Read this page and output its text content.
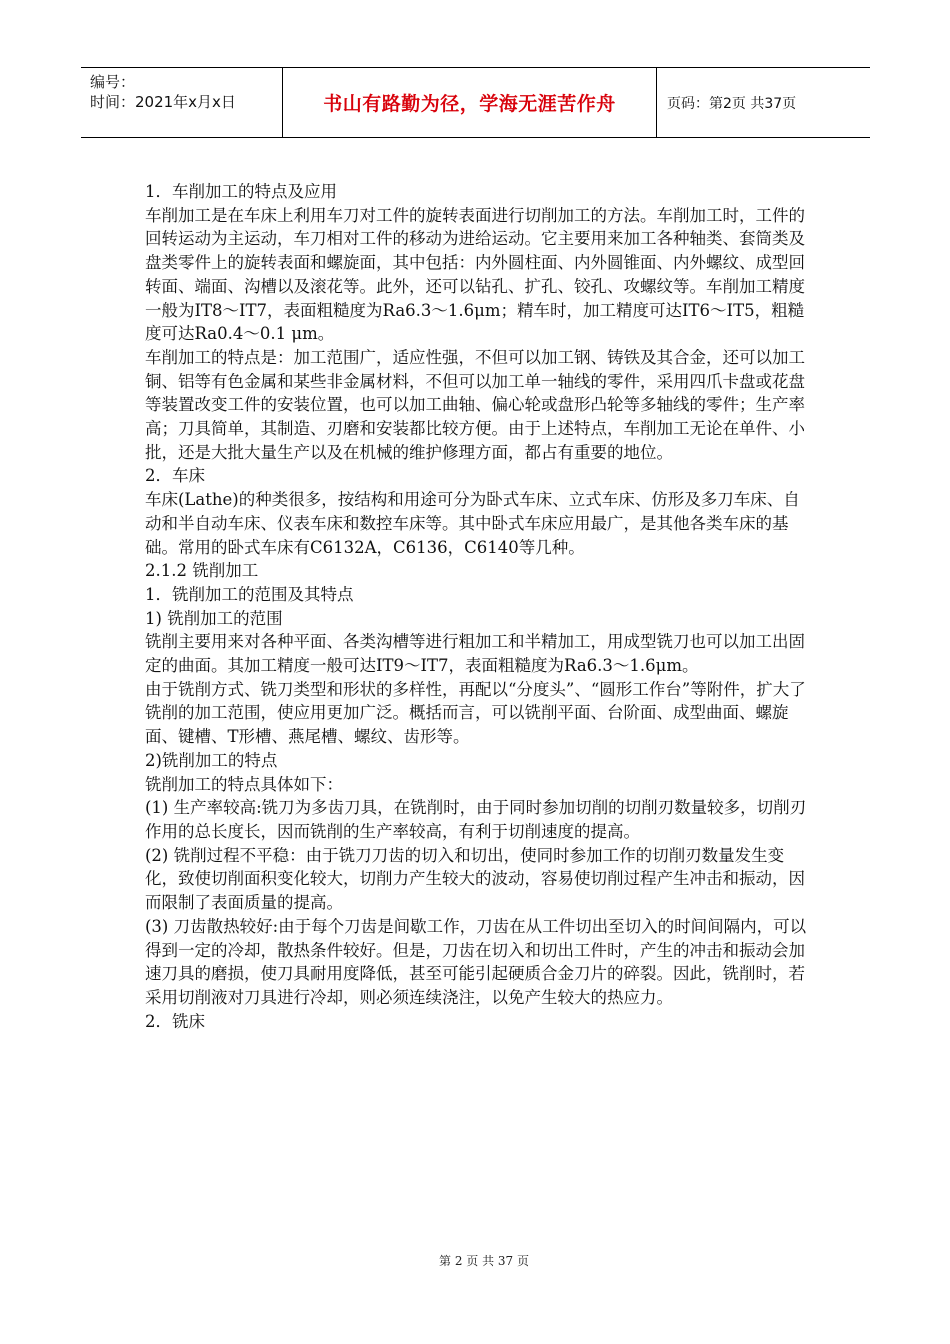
编号：
时间：2021年x月x日	书山有路勤为径，学海无涯苦作舟	页码：第2页 共37页

1．车削加工的特点及应用

车削加工是在车床上利用车刀对工件的旋转表面进行切削加工的方法。车削加工时，工件的回转运动为主运动，车刀相对工件的移动为进给运动。它主要用来加工各种轴类、套筒类及盘类零件上的旋转表面和螺旋面，其中包括：内外圆柱面、内外圆锥面、内外螺纹、成型回转面、端面、沟槽以及滚花等。此外，还可以钻孔、扩孔、铰孔、攻螺纹等。车削加工精度一般为IT8～IT7，表面粗糙度为Ra6.3～1.6μm；精车时，加工精度可达IT6～IT5，粗糙度可达Ra0.4～0.1 μm。

车削加工的特点是：加工范围广，适应性强，不但可以加工钢、铸铁及其合金，还可以加工铜、铝等有色金属和某些非金属材料，不但可以加工单一轴线的零件，采用四爪卡盘或花盘等装置改变工件的安装位置，也可以加工曲轴、偏心轮或盘形凸轮等多轴线的零件；生产率高；刀具简单，其制造、刃磨和安装都比较方便。由于上述特点，车削加工无论在单件、小批，还是大批大量生产以及在机械的维护修理方面，都占有重要的地位。

2．车床

车床(Lathe)的种类很多，按结构和用途可分为卧式车床、立式车床、仿形及多刀车床、自动和半自动车床、仪表车床和数控车床等。其中卧式车床应用最广，是其他各类车床的基础。常用的卧式车床有C6132A，C6136，C6140等几种。

2.1.2 铣削加工

1．铣削加工的范围及其特点

1) 铣削加工的范围

铣削主要用来对各种平面、各类沟槽等进行粗加工和半精加工，用成型铣刀也可以加工出固定的曲面。其加工精度一般可达IT9～IT7，表面粗糙度为Ra6.3～1.6μm。

由于铣削方式、铣刀类型和形状的多样性，再配以“分度头”、“圆形工作台”等附件，扩大了铣削的加工范围，使应用更加广泛。概括而言，可以铣削平面、台阶面、成型曲面、螺旋面、键槽、T形槽、燕尾槽、螺纹、齿形等。

2)铣削加工的特点

铣削加工的特点具体如下：

(1) 生产率较高:铣刀为多齿刀具，在铣削时，由于同时参加切削的切削刃数量较多，切削刃作用的总长度长，因而铣削的生产率较高，有利于切削速度的提高。

(2) 铣削过程不平稳：由于铣刀刀齿的切入和切出，使同时参加工作的切削刃数量发生变化，致使切削面积变化较大，切削力产生较大的波动，容易使切削过程产生冲击和振动，因而限制了表面质量的提高。

(3) 刀齿散热较好:由于每个刀齿是间歇工作，刀齿在从工件切出至切入的时间间隔内，可以得到一定的冷却，散热条件较好。但是，刀齿在切入和切出工件时，产生的冲击和振动会加速刀具的磨损，使刀具耐用度降低，甚至可能引起硬质合金刀片的碎裂。因此，铣削时，若采用切削液对刀具进行冷却，则必须连续浇注，以免产生较大的热应力。

2．铣床

第 2 页 共 37 页
